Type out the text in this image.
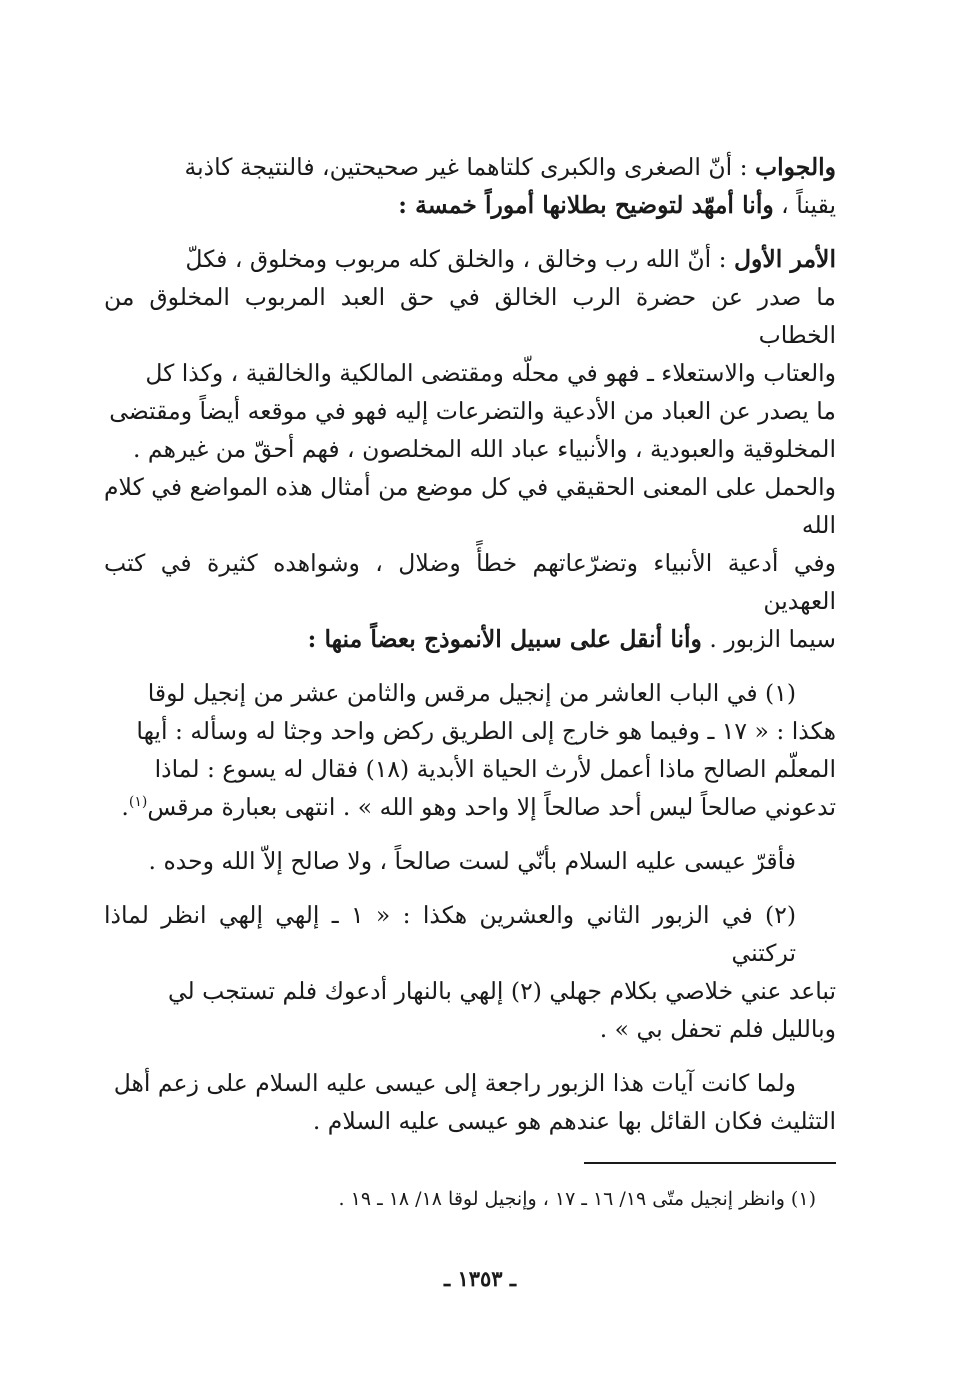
والجواب : أنّ الصغرى والكبرى كلتاهما غير صحيحتين، فالنتيجة كاذبة

يقيناً ، وأنا أمهّد لتوضيح بطلانها أموراً خمسة :

الأمر الأول : أنّ الله رب وخالق ، والخلق كله مربوب ومخلوق ، فكلّ

ما صدر عن حضرة الرب الخالق في حق العبد المربوب المخلوق من الخطاب

والعتاب والاستعلاء ـ فهو في محلّه ومقتضى المالكية والخالقية ، وكذا كل

ما يصدر عن العباد من الأدعية والتضرعات إليه فهو في موقعه أيضاً ومقتضى

المخلوقية والعبودية ، والأنبياء عباد الله المخلصون ، فهم أحقّ من غيرهم .

والحمل على المعنى الحقيقي في كل موضع من أمثال هذه المواضع في كلام الله

وفي أدعية الأنبياء وتضرّعاتهم خطأً وضلال ، وشواهده كثيرة في كتب العهدين

سيما الزبور . وأنا أنقل على سبيل الأنموذج بعضاً منها :

(١) في الباب العاشر من إنجيل مرقس والثامن عشر من إنجيل لوقا

هكذا : « ١٧ ـ وفيما هو خارج إلى الطريق ركض واحد وجثا له وسأله : أيها

المعلّم الصالح ماذا أعمل لأرث الحياة الأبدية (١٨) فقال له يسوع : لماذا

تدعوني صالحاً ليس أحد صالحاً إلا واحد وهو الله » . انتهى بعبارة مرقس$^{(١)}$.

فأقرّ عيسى عليه السلام بأنّي لست صالحاً ، ولا صالح إلاّ الله وحده .

(٢) في الزبور الثاني والعشرين هكذا : « ١ ـ إلهي إلهي انظر لماذا تركتني

تباعد عني خلاصي بكلام جهلي (٢) إلهي بالنهار أدعوك فلم تستجب لي

وبالليل فلم تحفل بي » .

ولما كانت آيات هذا الزبور راجعة إلى عيسى عليه السلام على زعم أهل

التثليث فكان القائل بها عندهم هو عيسى عليه السلام .

(١) وانظر إنجيل متّى ١٩/ ١٦ ـ ١٧ ، وإنجيل لوقا ١٨/ ١٨ ـ ١٩ .
ـ ١٣٥٣ ـ
